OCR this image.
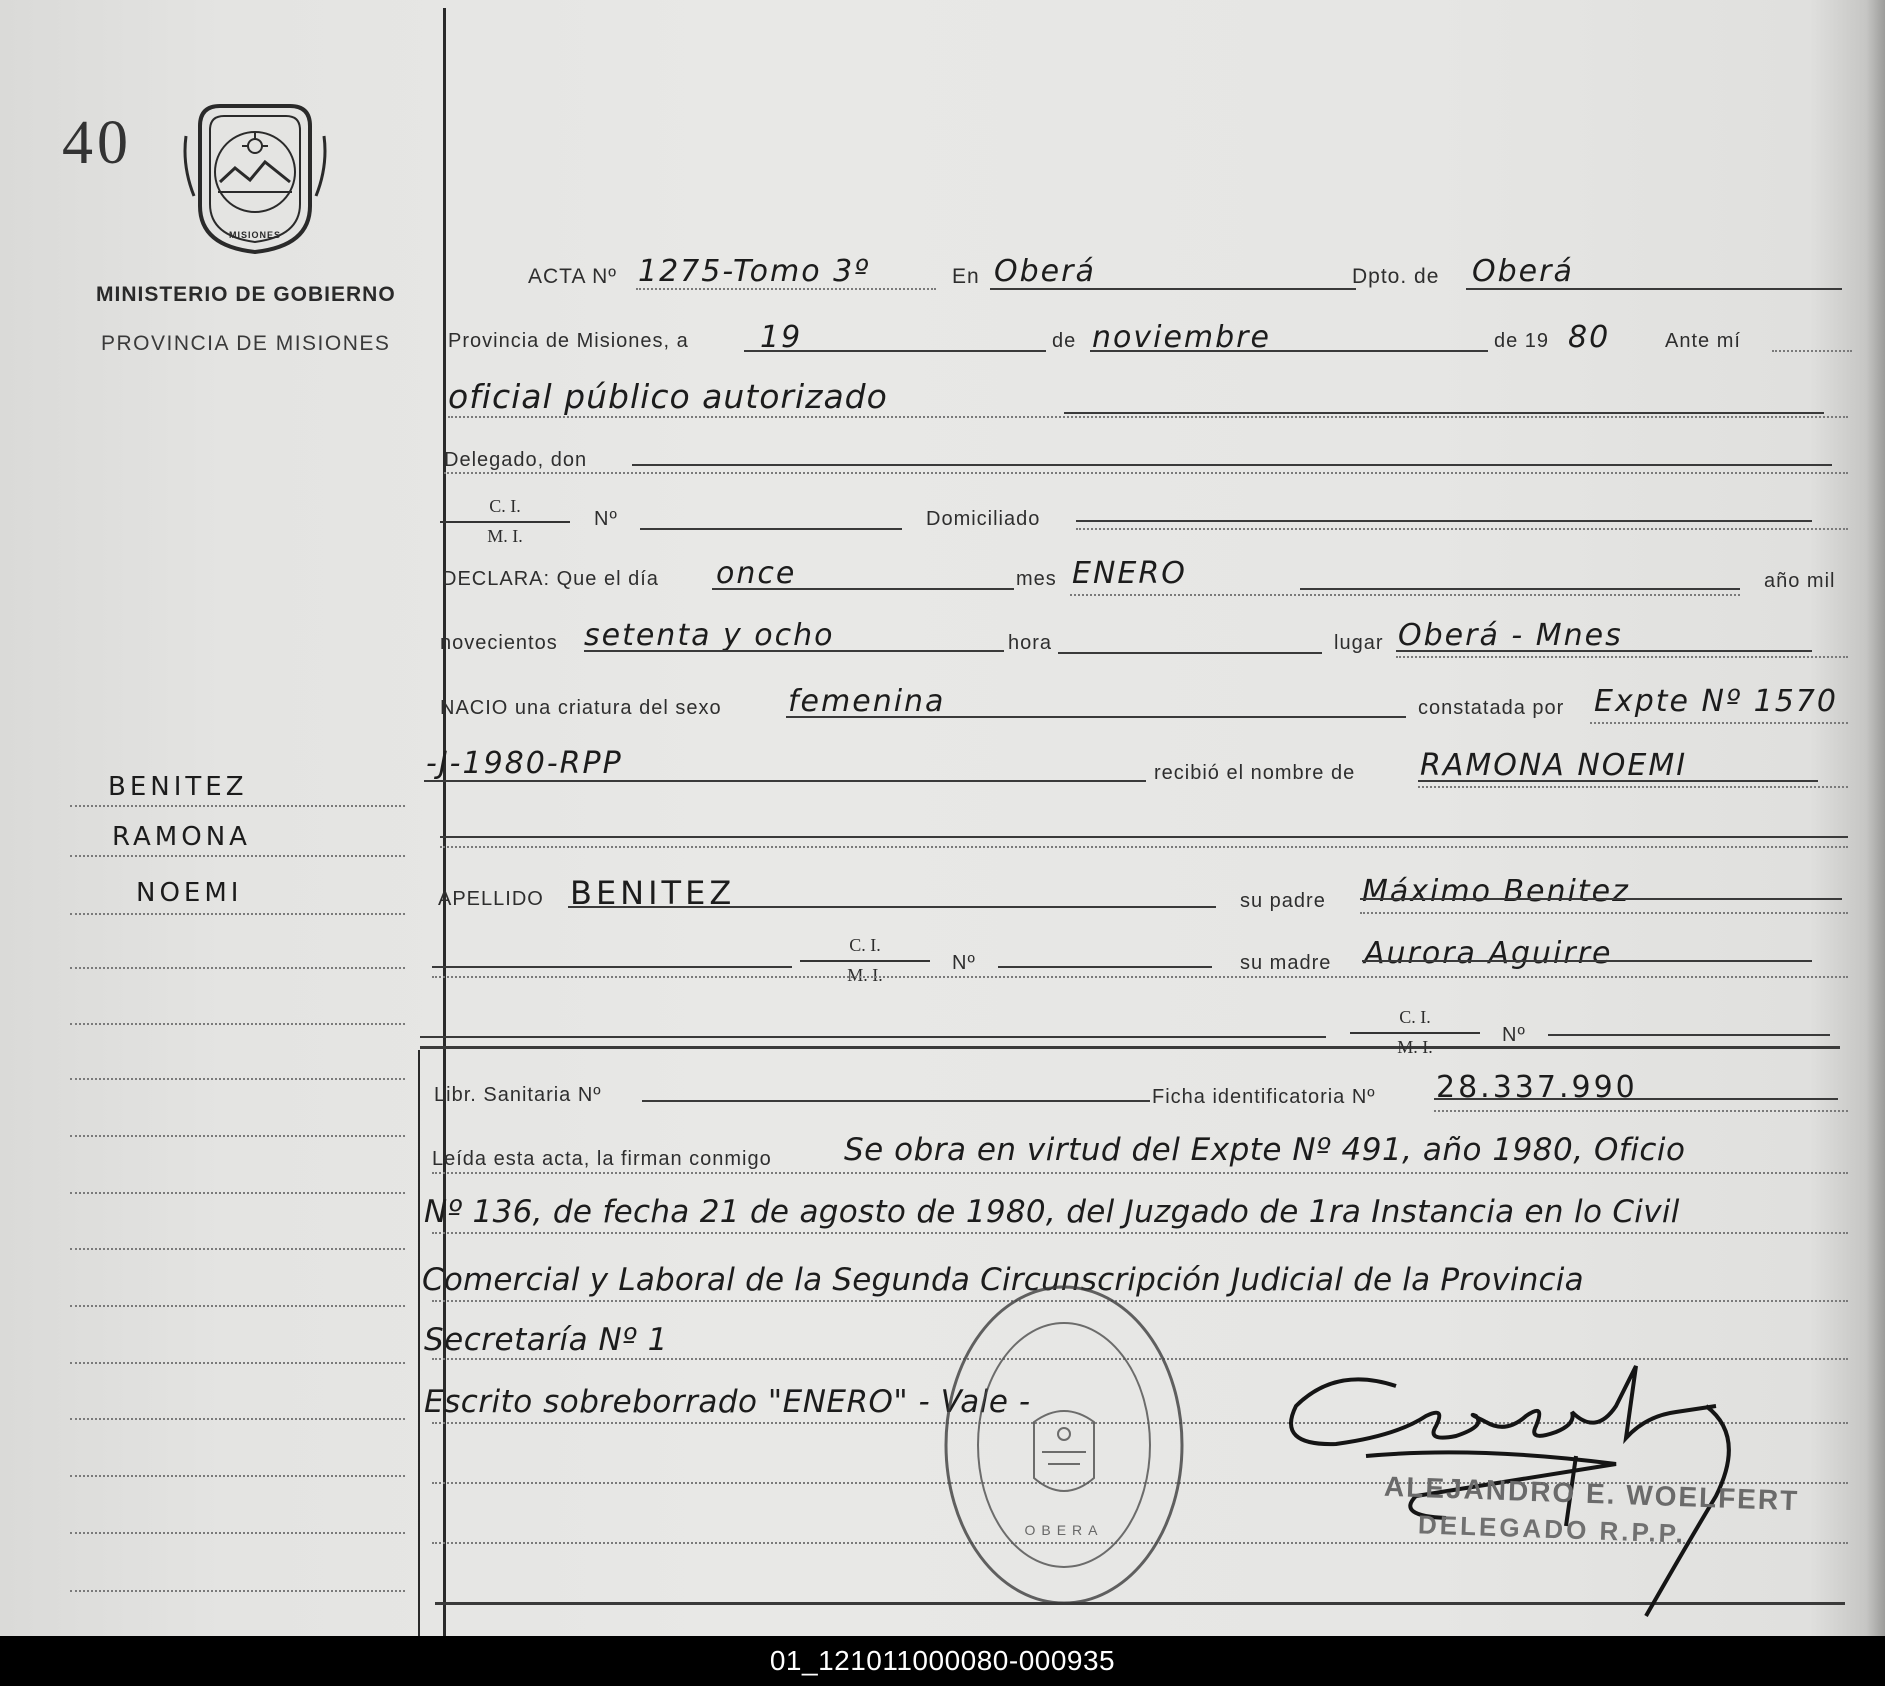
40
MISIONES
MINISTERIO DE GOBIERNO
PROVINCIA DE MISIONES
BENITEZ
RAMONA
NOEMI
ACTA Nº 1275-Tomo 3º	En Oberá	Dpto. de Oberá
Provincia de Misiones, a 19	de noviembre	de 19 80	Ante mí
oficial público autorizado
Delegado, don
$\frac{C. I.}{M. I.}$ Nº	Domiciliado
DECLARA: Que el día once	mes ENERO	año mil
novecientos setenta y ocho	hora	lugar Oberá - Mnes
NACIO una criatura del sexo femenina	constatada por Expte Nº 1570
-J-1980-RPP	recibió el nombre de RAMONA NOEMI
APELLIDO BENITEZ	su padre Máximo Benitez
$\frac{C. I.}{M. I.}$ Nº	su madre Aurora Aguirre
$\frac{C. I.}{M. I.}$ Nº
Libr. Sanitaria Nº	Ficha identificatoria Nº 28.337.990
Leída esta acta, la firman conmigo Se obra en virtud del Expte Nº 491, año 1980, Oficio
Nº 136, de fecha 21 de agosto de 1980, del Juzgado de 1ra Instancia en lo Civil
Comercial y Laboral de la Segunda Circunscripción Judicial de la Provincia
Secretaría Nº 1
Escrito sobreborrado "ENERO" - Vale -
OBERA
ALEJANDRO E. WOELFERT
DELEGADO R.P.P.
01_121011000080-000935
